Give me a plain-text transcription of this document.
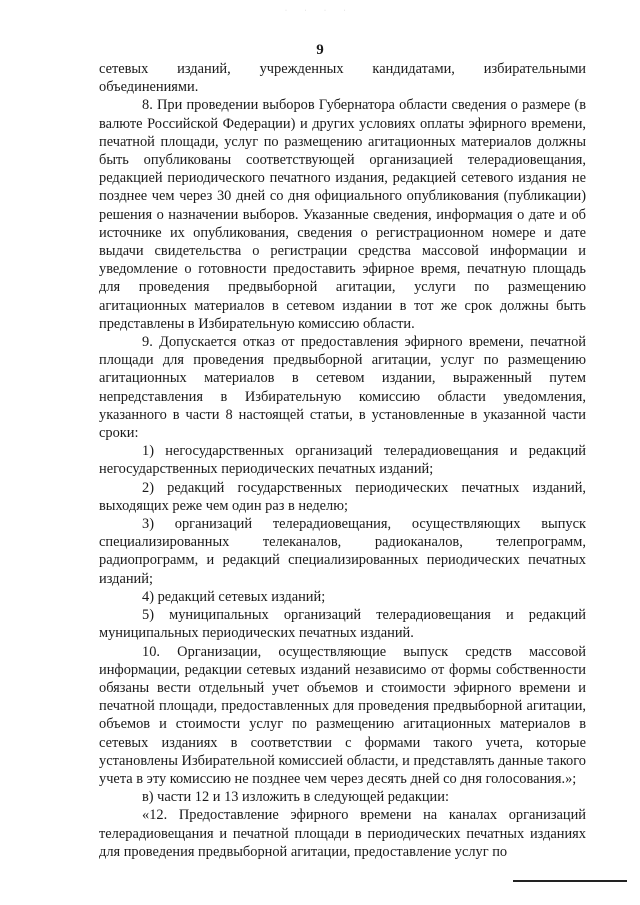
· · · ·
9

сетевых изданий, учрежденных кандидатами, избирательными объединениями.

8. При проведении выборов Губернатора области сведения о размере (в валюте Российской Федерации) и других условиях оплаты эфирного времени, печатной площади, услуг по размещению агитационных материалов должны быть опубликованы соответствующей организацией телерадиовещания, редакцией периодического печатного издания, редакцией сетевого издания не позднее чем через 30 дней со дня официального опубликования (публикации) решения о назначении выборов. Указанные сведения, информация о дате и об источнике их опубликования, сведения о регистрационном номере и дате выдачи свидетельства о регистрации средства массовой информации и уведомление о готовности предоставить эфирное время, печатную площадь для проведения предвыборной агитации, услуги по размещению агитационных материалов в сетевом издании в тот же срок должны быть представлены в Избирательную комиссию области.

9. Допускается отказ от предоставления эфирного времени, печатной площади для проведения предвыборной агитации, услуг по размещению агитационных материалов в сетевом издании, выраженный путем непредставления в Избирательную комиссию области уведомления, указанного в части 8 настоящей статьи, в установленные в указанной части сроки:

1) негосударственных организаций телерадиовещания и редакций негосударственных периодических печатных изданий;

2) редакций государственных периодических печатных изданий, выходящих реже чем один раз в неделю;

3) организаций телерадиовещания, осуществляющих выпуск специализированных телеканалов, радиоканалов, телепрограмм, радиопрограмм, и редакций специализированных периодических печатных изданий;

4) редакций сетевых изданий;

5) муниципальных организаций телерадиовещания и редакций муниципальных периодических печатных изданий.

10. Организации, осуществляющие выпуск средств массовой информации, редакции сетевых изданий независимо от формы собственности обязаны вести отдельный учет объемов и стоимости эфирного времени и печатной площади, предоставленных для проведения предвыборной агитации, объемов и стоимости услуг по размещению агитационных материалов в сетевых изданиях в соответствии с формами такого учета, которые установлены Избирательной комиссией области, и представлять данные такого учета в эту комиссию не позднее чем через десять дней со дня голосования.»;

в) части 12 и 13 изложить в следующей редакции:

«12. Предоставление эфирного времени на каналах организаций телерадиовещания и печатной площади в периодических печатных изданиях для проведения предвыборной агитации, предоставление услуг по
